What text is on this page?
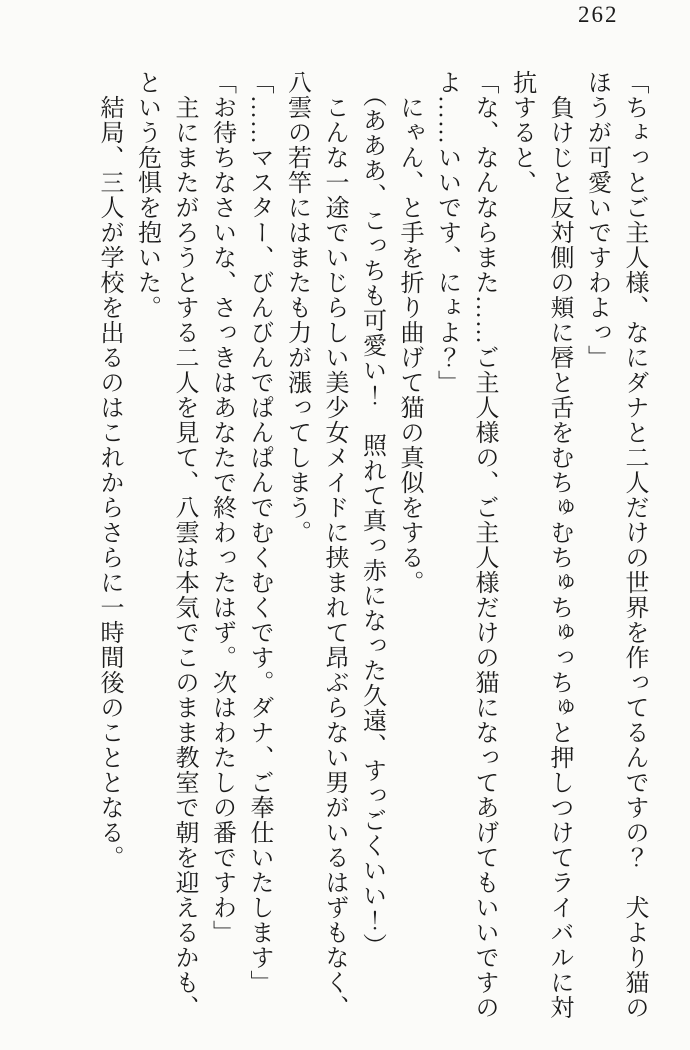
262

「ちょっとご主人様、なにダナと二人だけの世界を作ってるんですの？　犬より猫の

ほうが可愛いですわよっ」

　負けじと反対側の頬に唇と舌をむちゅむちゅちゅっちゅと押しつけてライバルに対

抗すると、

「な、なんならまた……ご主人様の、ご主人様だけの猫になってあげてもいいですの

よ……いいです、にょよ？」

　にゃん、と手を折り曲げて猫の真似をする。

　（あああ、こっちも可愛い！　照れて真っ赤になった久遠、すっごくいい！）

　こんな一途でいじらしい美少女メイドに挟まれて昂ぶらない男がいるはずもなく、

八雲の若竿にはまたも力が漲ってしまう。

「……マスター、びんびんでぱんぱんでむくむくです。ダナ、ご奉仕いたします」

「お待ちなさいな、さっきはあなたで終わったはず。次はわたしの番ですわ」

　主にまたがろうとする二人を見て、八雲は本気でこのまま教室で朝を迎えるかも、

という危惧を抱いた。

　結局、三人が学校を出るのはこれからさらに一時間後のこととなる。
